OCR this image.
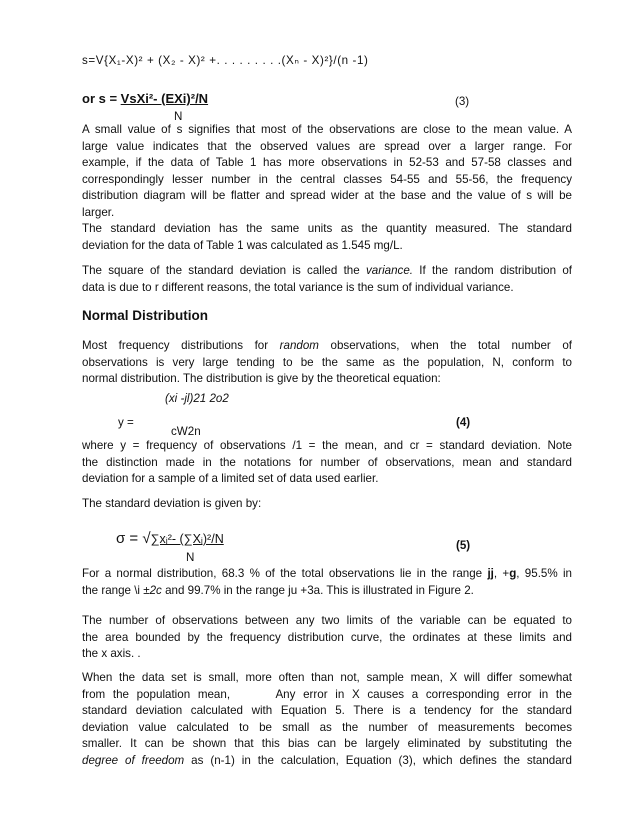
s=V{X₁-X)² + (X₂ - X)² +. . . . . . . . .(Xₙ - X)²}/(n -1)
or s = VsXi²- (EXi)²/N
N
(3)
A small value of s signifies that most of the observations are close to the mean value. A
large value indicates that the observed values are spread over a larger range. For
example, if the data of Table 1 has more observations in 52-53 and 57-58 classes and
correspondingly lesser number in the central classes 54-55 and 55-56, the frequency
distribution diagram will be flatter and spread wider at the base and the value of s will be
larger.
The standard deviation has the same units as the quantity measured. The standard
deviation for the data of Table 1 was calculated as 1.545 mg/L.
The square of the standard deviation is called the variance. If the random distribution of
data is due to r different reasons, the total variance is the sum of individual variance.
Normal Distribution
Most frequency distributions for random observations, when the total number of
observations is very large tending to be the same as the population, N, conform to
normal distribution. The distribution is give by the theoretical equation:
(xi -jl)21 2o2
y =	(4)
cW2n
where y = frequency of observations /1 = the mean, and cr = standard deviation. Note
the distinction made in the notations for number of observations, mean and standard
deviation for a sample of a limited set of data used earlier.
The standard deviation is given by:
σ = √∑xᵢ²- (∑Xᵢ)²/N
N
(5)
For a normal distribution, 68.3 % of the total observations lie in the range jj, +g, 95.5% in
the range \i ±2c and 99.7% in the range ju +3a. This is illustrated in Figure 2.
The number of observations between any two limits of the variable can be equated to
the area bounded by the frequency distribution curve, the ordinates at these limits and
the x axis. .
When the data set is small, more often than not, sample mean, X will differ somewhat
from the population mean,      Any error in X causes a corresponding error in the
standard deviation calculated with Equation 5. There is a tendency for the standard
deviation value calculated to be small as the number of measurements becomes
smaller. It can be shown that this bias can be largely eliminated by substituting the
degree of freedom as (n-1) in the calculation, Equation (3), which defines the standard
